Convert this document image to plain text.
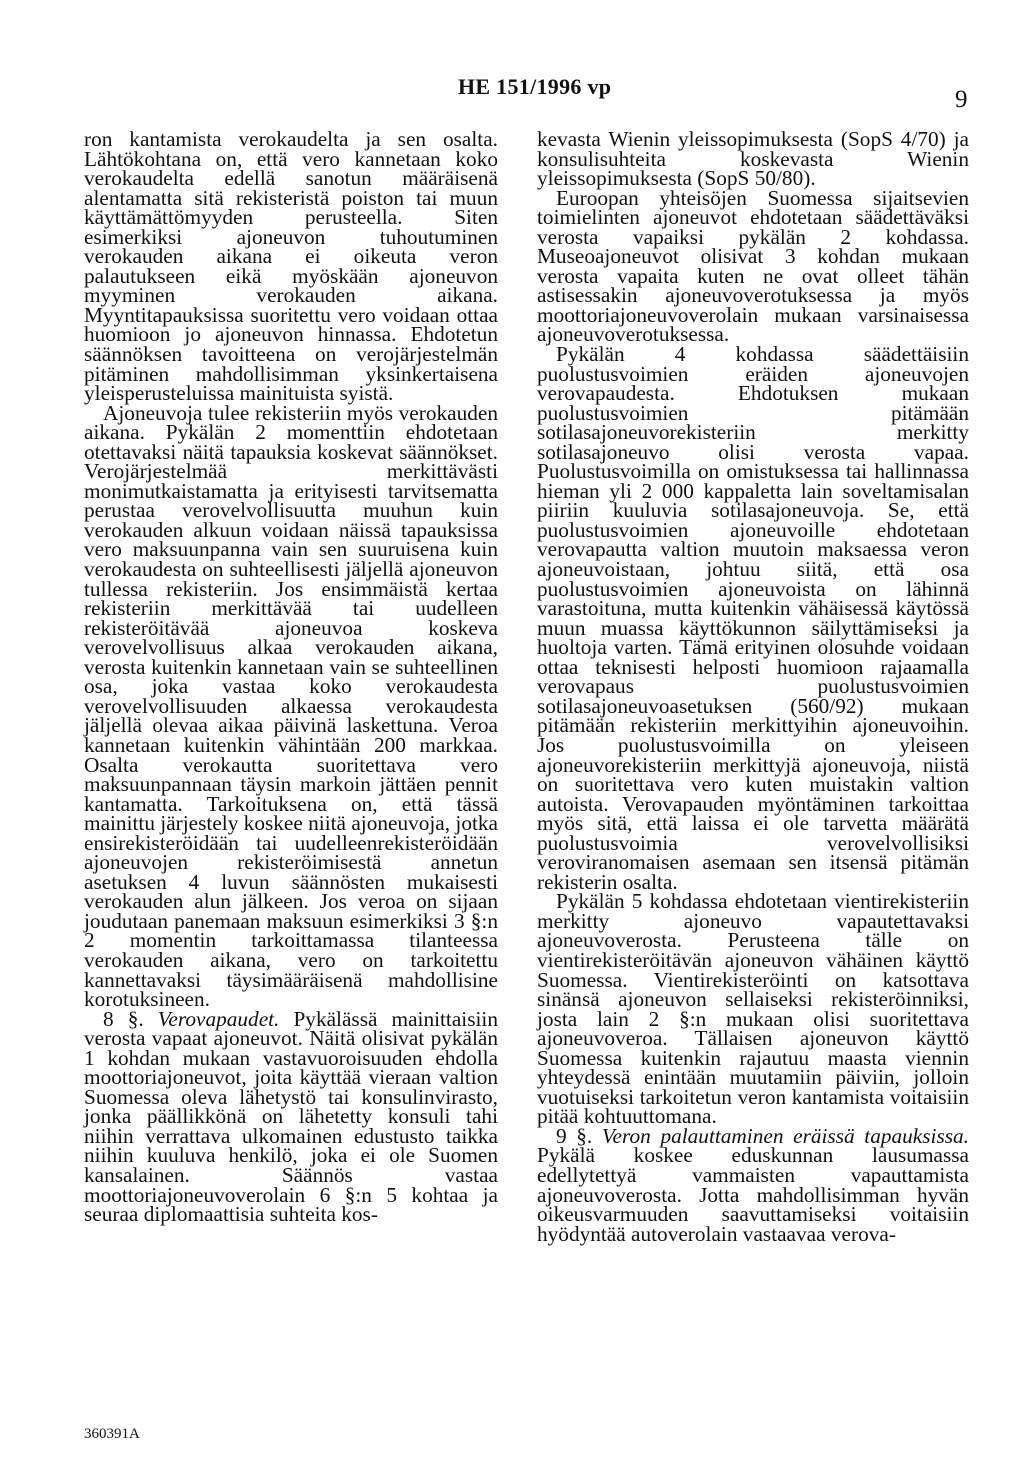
HE 151/1996 vp	9

ron kantamista verokaudelta ja sen osalta. Lähtökohtana on, että vero kannetaan koko verokaudelta edellä sanotun määräisenä alentamatta sitä rekisteristä poiston tai muun käyttämättömyyden perusteella. Siten esimerkiksi ajoneuvon tuhoutuminen verokauden aikana ei oikeuta veron palautukseen eikä myöskään ajoneuvon myyminen verokauden aikana. Myyntitapauksissa suoritettu vero voidaan ottaa huomioon jo ajoneuvon hinnassa. Ehdotetun säännöksen tavoitteena on verojärjestelmän pitäminen mahdollisimman yksinkertaisena yleisperusteluissa mainituista syistä.

Ajoneuvoja tulee rekisteriin myös verokauden aikana. Pykälän 2 momenttiin ehdotetaan otettavaksi näitä tapauksia koskevat säännökset. Verojärjestelmää merkittävästi monimutkaistamatta ja erityisesti tarvitsematta perustaa verovelvollisuutta muuhun kuin verokauden alkuun voidaan näissä tapauksissa vero maksuunpanna vain sen suuruisena kuin verokaudesta on suhteellisesti jäljellä ajoneuvon tullessa rekisteriin. Jos ensimmäistä kertaa rekisteriin merkittävää tai uudelleen rekisteröitävää ajoneuvoa koskeva verovelvollisuus alkaa verokauden aikana, verosta kuitenkin kannetaan vain se suhteellinen osa, joka vastaa koko verokaudesta verovelvollisuuden alkaessa verokaudesta jäljellä olevaa aikaa päivinä laskettuna. Veroa kannetaan kuitenkin vähintään 200 markkaa. Osalta verokautta suoritettava vero maksuunpannaan täysin markoin jättäen pennit kantamatta. Tarkoituksena on, että tässä mainittu järjestely koskee niitä ajoneuvoja, jotka ensirekisteröidään tai uudelleenrekisteröidään ajoneuvojen rekisteröimisestä annetun asetuksen 4 luvun säännösten mukaisesti verokauden alun jälkeen. Jos veroa on sijaan joudutaan panemaan maksuun esimerkiksi 3 §:n 2 momentin tarkoittamassa tilanteessa verokauden aikana, vero on tarkoitettu kannettavaksi täysimääräisenä mahdollisine korotuksineen.

8 §. Verovapaudet. Pykälässä mainittaisiin verosta vapaat ajoneuvot. Näitä olisivat pykälän 1 kohdan mukaan vastavuoroisuuden ehdolla moottoriajoneuvot, joita käyttää vieraan valtion Suomessa oleva lähetystö tai konsulinvirasto, jonka päällikkönä on lähetetty konsuli tahi niihin verrattava ulkomainen edustusto taikka niihin kuuluva henkilö, joka ei ole Suomen kansalainen. Säännös vastaa moottoriajoneuvoverolain 6 §:n 5 kohtaa ja seuraa diplomaattisia suhteita kos-

kevasta Wienin yleissopimuksesta (SopS 4/70) ja konsulisuhteita koskevasta Wienin yleissopimuksesta (SopS 50/80).

Euroopan yhteisöjen Suomessa sijaitsevien toimielinten ajoneuvot ehdotetaan säädettäväksi verosta vapaiksi pykälän 2 kohdassa. Museoajoneuvot olisivat 3 kohdan mukaan verosta vapaita kuten ne ovat olleet tähän astisessakin ajoneuvoverotuksessa ja myös moottoriajoneuvoverolain mukaan varsinaisessa ajoneuvoverotuksessa.

Pykälän 4 kohdassa säädettäisiin puolustusvoimien eräiden ajoneuvojen verovapaudesta. Ehdotuksen mukaan puolustusvoimien pitämään sotilasajoneuvorekisteriin merkitty sotilasajoneuvo olisi verosta vapaa. Puolustusvoimilla on omistuksessa tai hallinnassa hieman yli 2 000 kappaletta lain soveltamisalan piiriin kuuluvia sotilasajoneuvoja. Se, että puolustusvoimien ajoneuvoille ehdotetaan verovapautta valtion muutoin maksaessa veron ajoneuvoistaan, johtuu siitä, että osa puolustusvoimien ajoneuvoista on lähinnä varastoituna, mutta kuitenkin vähäisessä käytössä muun muassa käyttökunnon säilyttämiseksi ja huoltoja varten. Tämä erityinen olosuhde voidaan ottaa teknisesti helposti huomioon rajaamalla verovapaus puolustusvoimien sotilasajoneuvoasetuksen (560/92) mukaan pitämään rekisteriin merkittyihin ajoneuvoihin. Jos puolustusvoimilla on yleiseen ajoneuvorekisteriin merkittyjä ajoneuvoja, niistä on suoritettava vero kuten muistakin valtion autoista. Verovapauden myöntäminen tarkoittaa myös sitä, että laissa ei ole tarvetta määrätä puolustusvoimia verovelvollisiksi veroviranomaisen asemaan sen itsensä pitämän rekisterin osalta.

Pykälän 5 kohdassa ehdotetaan vientirekisteriin merkitty ajoneuvo vapautettavaksi ajoneuvoverosta. Perusteena tälle on vientirekisteröitävän ajoneuvon vähäinen käyttö Suomessa. Vientirekisteröinti on katsottava sinänsä ajoneuvon sellaiseksi rekisteröinniksi, josta lain 2 §:n mukaan olisi suoritettava ajoneuvoveroa. Tällaisen ajoneuvon käyttö Suomessa kuitenkin rajautuu maasta viennin yhteydessä enintään muutamiin päiviin, jolloin vuotuiseksi tarkoitetun veron kantamista voitaisiin pitää kohtuuttomana.

9 §. Veron palauttaminen eräissä tapauksissa. Pykälä koskee eduskunnan lausumassa edellytettyä vammaisten vapauttamista ajoneuvoverosta. Jotta mahdollisimman hyvän oikeusvarmuuden saavuttamiseksi voitaisiin hyödyntää autoverolain vastaavaa verova-

360391A
